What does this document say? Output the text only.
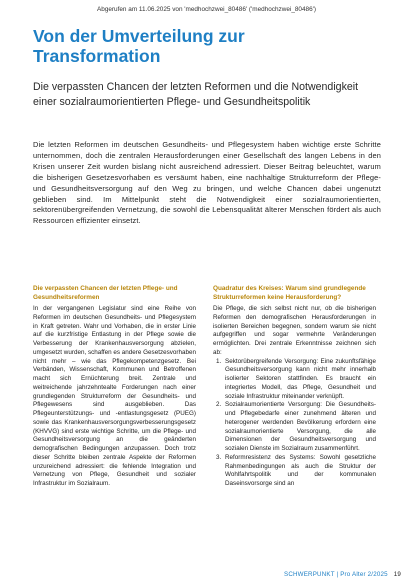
Abgerufen am 11.06.2025 von 'medhochzwei_80486' ('medhochzwei_80486')
Von der Umverteilung zur Transformation

Die verpassten Chancen der letzten Reformen und die Notwendigkeit einer sozialraumorientierten Pflege- und Gesundheitspolitik

Die letzten Reformen im deutschen Gesundheits- und Pflegesystem haben wichtige erste Schritte unternommen, doch die zentralen Herausforderungen einer Gesellschaft des langen Lebens in den Krisen unserer Zeit wurden bislang nicht ausreichend adressiert. Dieser Beitrag beleuchtet, warum die bisherigen Gesetzesvorhaben es versäumt haben, eine nachhaltige Strukturreform der Pflege- und Gesundheitsversorgung auf den Weg zu bringen, und welche Chancen dabei ungenutzt geblieben sind. Im Mittelpunkt steht die Notwendigkeit einer sozialraumorientierten, sektorenübergreifenden Vernetzung, die sowohl die Lebensqualität älterer Menschen fördert als auch Ressourcen effizienter einsetzt.

Die verpassten Chancen der letzten Pflege- und Gesundheitsreformen

In der vergangenen Legislatur sind eine Reihe von Reformen im deutschen Gesundheits- und Pflegesystem in Kraft getreten. Wahr und Vorhaben, die in erster Linie auf die kurzfristige Entlastung in der Pflege sowie die Verbesserung der Krankenhausversorgung abzielen, umgesetzt wurden, schaffen es andere Gesetzesvorhaben nicht mehr – wie das Pflegekompetenzgesetz. Bei Verbänden, Wissenschaft, Kommunen und Betroffenen macht sich Ernüchterung breit. Zentrale und weitreichende jahrzehntealte Forderungen nach einer grundlegenden Strukturreform der Gesundheits- und Pflegewesens sind ausgeblieben. Das Pflegeunterstützungs- und -entlastungsgesetz (PUEG) sowie das Krankenhausversorgungsverbesserungsgesetz (KHVVG) sind erste wichtige Schritte, um die Pflege- und Gesundheitsversorgung an die geänderten demografischen Bedingungen anzupassen. Doch trotz dieser Schritte bleiben zentrale Aspekte der Reformen unzureichend adressiert: die fehlende Integration und Vernetzung von Pflege, Gesundheit und sozialer Infrastruktur im Sozialraum.

Quadratur des Kreises: Warum sind grundlegende Strukturreformen keine Herausforderung?

Die Pflege, die sich selbst nicht nur, ob die bisherigen Reformen den demografischen Herausforderungen in isolierten Bereichen begegnen, sondern warum sie nicht aufgegriffen und sogar vermehrte Veränderungen ermöglichten. Drei zentrale Erkenntnisse zeichnen sich ab:

1. Sektorübergreifende Versorgung: Eine zukunftsfähige Gesundheitsversorgung kann nicht mehr innerhalb isolierter Sektoren stattfinden. Es braucht ein integriertes Modell, das Pflege, Gesundheit und soziale Infrastruktur miteinander verknüpft.
2. Sozialraumorientierte Versorgung: Die Gesundheits- und Pflegebedarfe einer zunehmend älteren und heterogener werdenden Bevölkerung erfordern eine sozialraumorientierte Versorgung, die alle Dimensionen der Gesundheitsversorgung und sozialen Dienste im Sozialraum zusammenführt.
3. Reformresistenz des Systems: Sowohl gesetzliche Rahmenbedingungen als auch die Struktur der Wohlfahrtspolitik und der kommunalen Daseinsvorsorge sind an
SCHWERPUNKT | Pro Alter 2/2025 19
